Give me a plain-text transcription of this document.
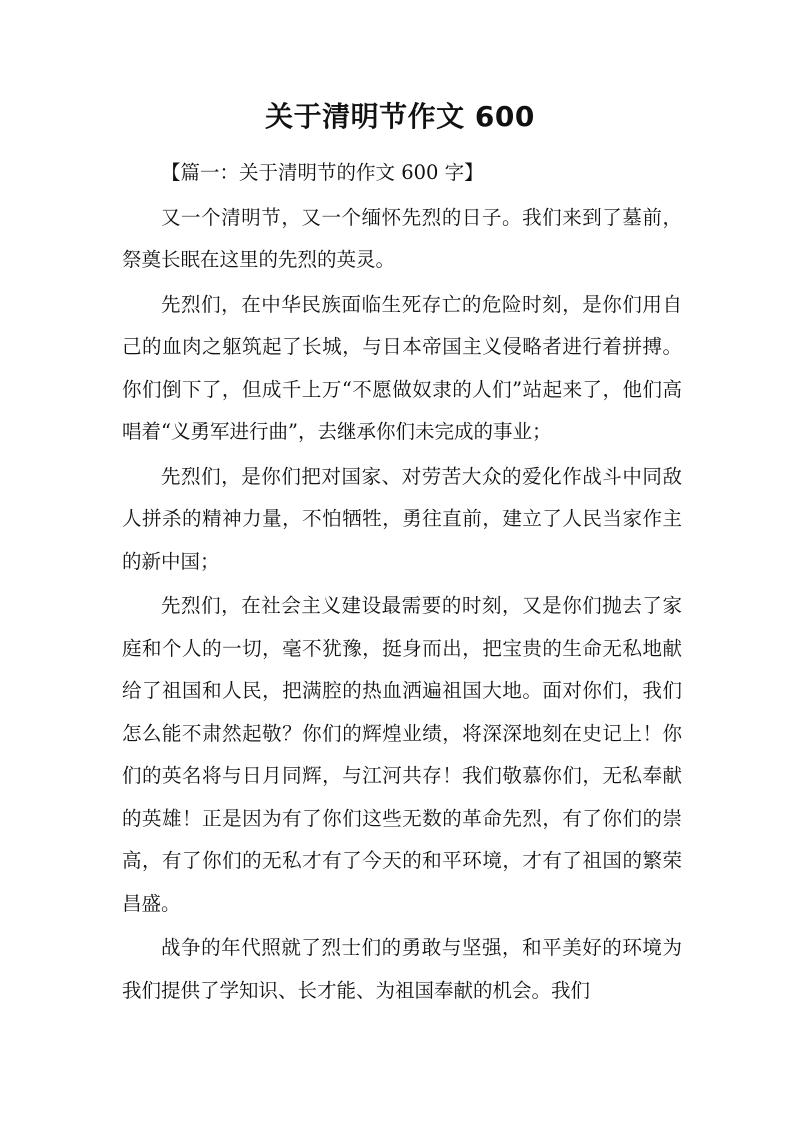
关于清明节作文 600

【篇一：关于清明节的作文 600 字】

又一个清明节，又一个缅怀先烈的日子。我们来到了墓前，祭奠长眠在这里的先烈的英灵。

先烈们，在中华民族面临生死存亡的危险时刻，是你们用自己的血肉之躯筑起了长城，与日本帝国主义侵略者进行着拼搏。你们倒下了，但成千上万“不愿做奴隶的人们”站起来了，他们高唱着“义勇军进行曲”，去继承你们未完成的事业；

先烈们，是你们把对国家、对劳苦大众的爱化作战斗中同敌人拼杀的精神力量，不怕牺牲，勇往直前，建立了人民当家作主的新中国；

先烈们，在社会主义建设最需要的时刻，又是你们抛去了家庭和个人的一切，毫不犹豫，挺身而出，把宝贵的生命无私地献给了祖国和人民，把满腔的热血洒遍祖国大地。面对你们，我们怎么能不肃然起敬？你们的辉煌业绩，将深深地刻在史记上！你们的英名将与日月同辉，与江河共存！我们敬慕你们，无私奉献的英雄！正是因为有了你们这些无数的革命先烈，有了你们的崇高，有了你们的无私才有了今天的和平环境，才有了祖国的繁荣昌盛。

战争的年代照就了烈士们的勇敢与坚强，和平美好的环境为我们提供了学知识、长才能、为祖国奉献的机会。我们
